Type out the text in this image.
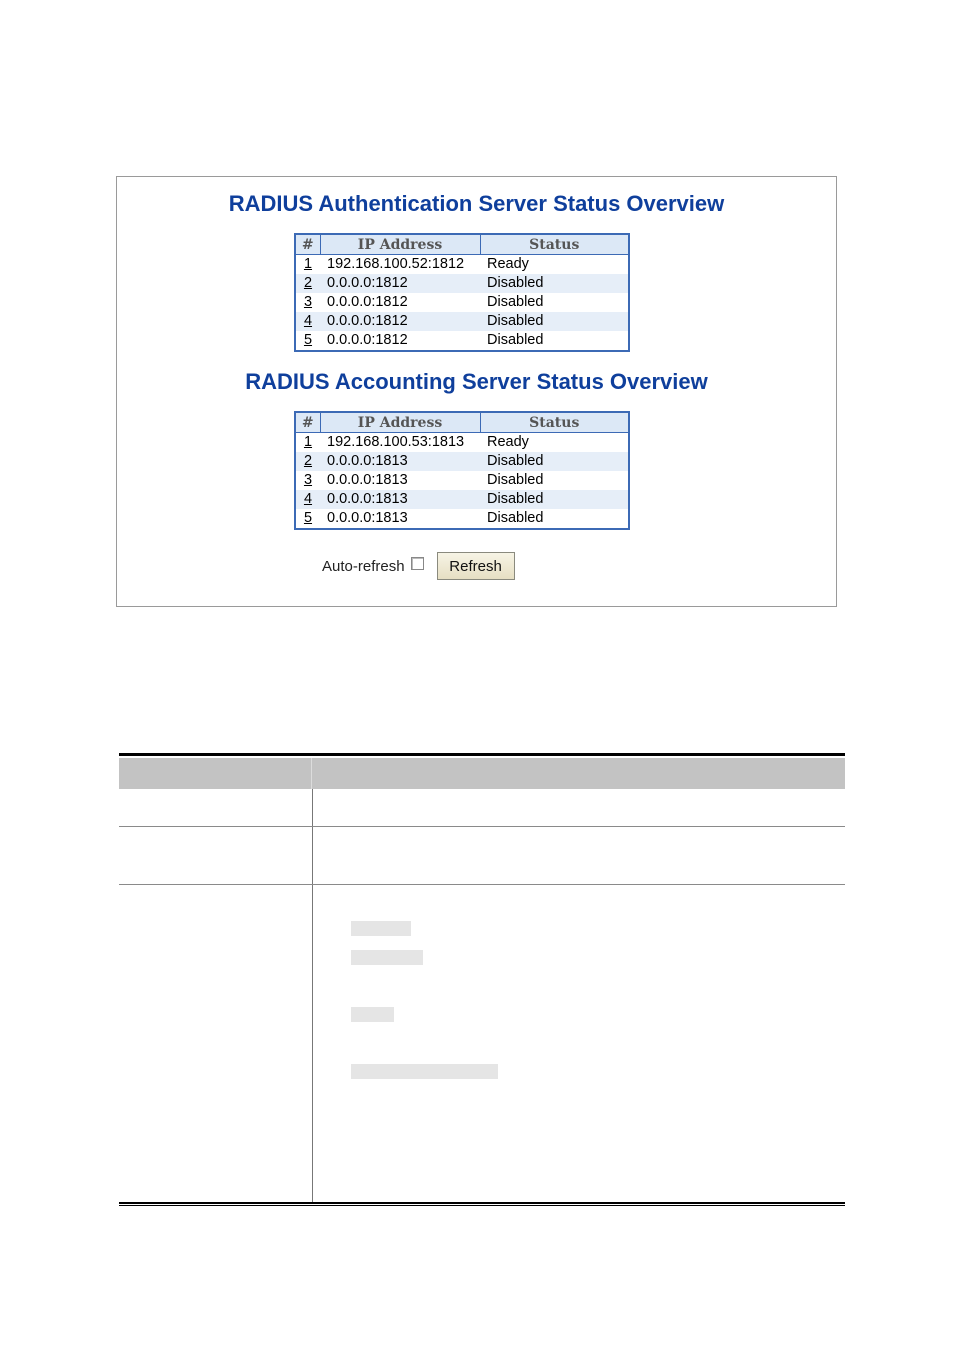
RADIUS Authentication Server Status Overview
#	IP Address	Status
1	192.168.100.52:1812	Ready
2	0.0.0.0:1812	Disabled
3	0.0.0.0:1812	Disabled
4	0.0.0.0:1812	Disabled
5	0.0.0.0:1812	Disabled
RADIUS Accounting Server Status Overview
#	IP Address	Status
1	192.168.100.53:1813	Ready
2	0.0.0.0:1813	Disabled
3	0.0.0.0:1813	Disabled
4	0.0.0.0:1813	Disabled
5	0.0.0.0:1813	Disabled
Auto-refresh	Refresh
